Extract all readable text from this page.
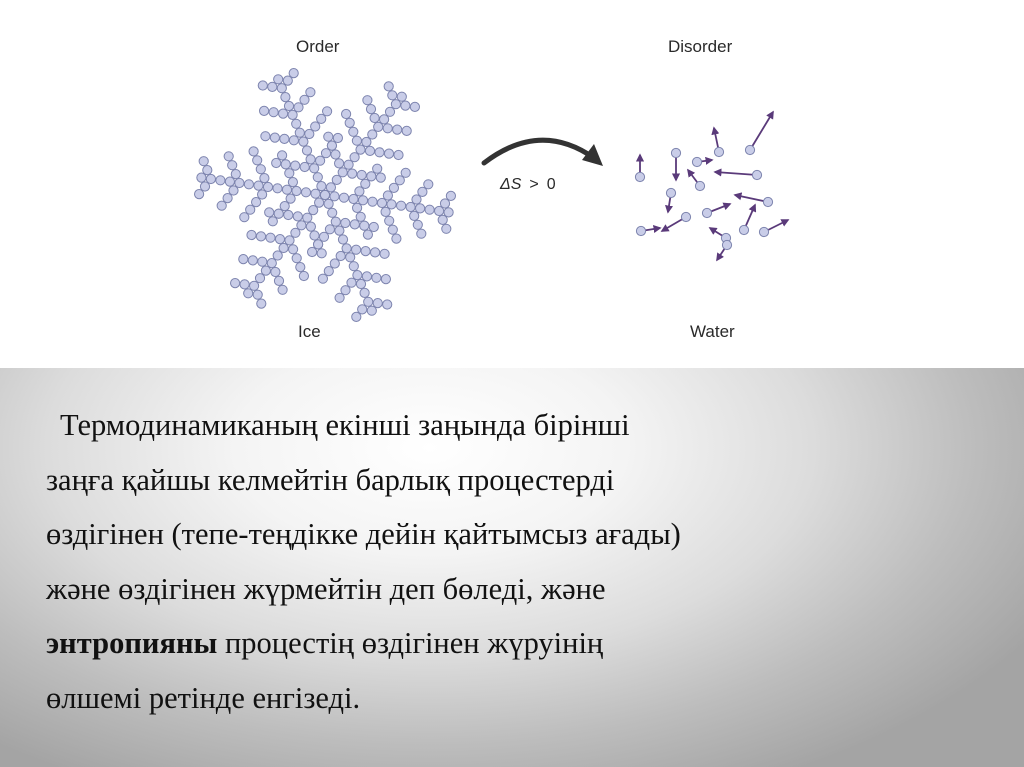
Order	Disorder
Ice	Water
ΔS > 0

Термодинамиканың екінші заңында бірінші
заңға қайшы келмейтін барлық процестерді
өздігінен (тепе-теңдікке дейін қайтымсыз ағады)
және өздігінен жүрмейтін деп бөледі, және
энтропияны процестің өздігінен жүруінің
өлшемі ретінде енгізеді.
